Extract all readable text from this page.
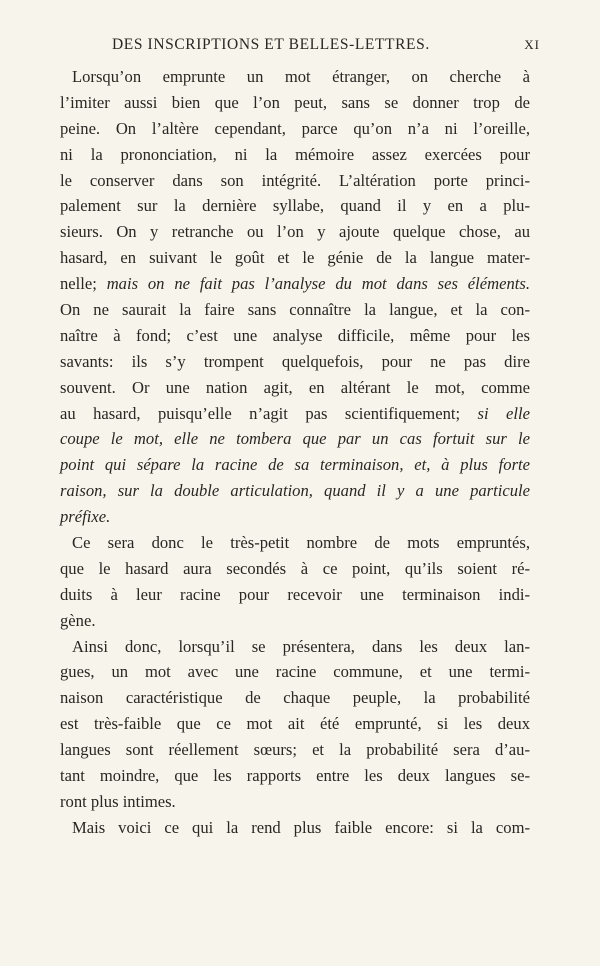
DES INSCRIPTIONS ET BELLES-LETTRES.	XI
Lorsqu’on emprunte un mot étranger, on cherche à
l’imiter aussi bien que l’on peut, sans se donner trop de
peine. On l’altère cependant, parce qu’on n’a ni l’oreille,
ni la prononciation, ni la mémoire assez exercées pour
le conserver dans son intégrité. L’altération porte princi-
palement sur la dernière syllabe, quand il y en a plu-
sieurs. On y retranche ou l’on y ajoute quelque chose, au
hasard, en suivant le goût et le génie de la langue mater-
nelle; mais on ne fait pas l’analyse du mot dans ses éléments.
On ne saurait la faire sans connaître la langue, et la con-
naître à fond; c’est une analyse difficile, même pour les
savants: ils s’y trompent quelquefois, pour ne pas dire
souvent. Or une nation agit, en altérant le mot, comme
au hasard, puisqu’elle n’agit pas scientifiquement; si elle
coupe le mot, elle ne tombera que par un cas fortuit sur le
point qui sépare la racine de sa terminaison, et, à plus forte
raison, sur la double articulation, quand il y a une particule
préfixe.
Ce sera donc le très-petit nombre de mots empruntés,
que le hasard aura secondés à ce point, qu’ils soient ré-
duits à leur racine pour recevoir une terminaison indi-
gène.
Ainsi donc, lorsqu’il se présentera, dans les deux lan-
gues, un mot avec une racine commune, et une termi-
naison caractéristique de chaque peuple, la probabilité
est très-faible que ce mot ait été emprunté, si les deux
langues sont réellement sœurs; et la probabilité sera d’au-
tant moindre, que les rapports entre les deux langues se-
ront plus intimes.
Mais voici ce qui la rend plus faible encore: si la com-
